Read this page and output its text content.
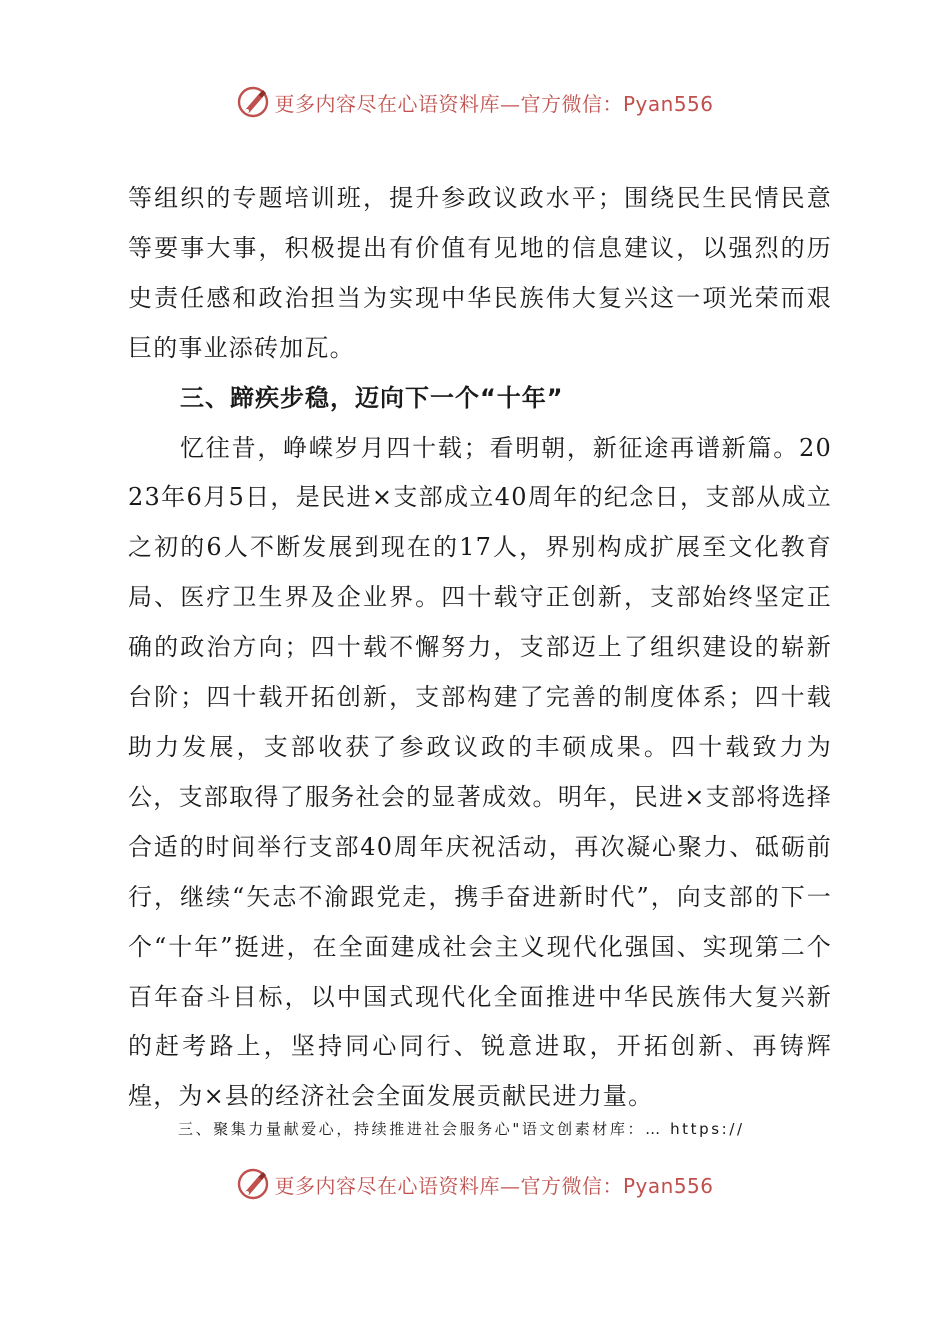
更多内容尽在心语资料库—官方微信：Pyan556

等组织的专题培训班，提升参政议政水平；围绕民生民情民意等要事大事，积极提出有价值有见地的信息建议，以强烈的历史责任感和政治担当为实现中华民族伟大复兴这一项光荣而艰巨的事业添砖加瓦。

三、蹄疾步稳，迈向下一个“十年”

忆往昔，峥嵘岁月四十载；看明朝，新征途再谱新篇。2023年6月5日，是民进×支部成立40周年的纪念日，支部从成立之初的6人不断发展到现在的17人，界别构成扩展至文化教育局、医疗卫生界及企业界。四十载守正创新，支部始终坚定正确的政治方向；四十载不懈努力，支部迈上了组织建设的崭新台阶；四十载开拓创新，支部构建了完善的制度体系；四十载助力发展，支部收获了参政议政的丰硕成果。四十载致力为公，支部取得了服务社会的显著成效。明年，民进×支部将选择合适的时间举行支部40周年庆祝活动，再次凝心聚力、砥砺前行，继续“矢志不渝跟党走，携手奋进新时代”，向支部的下一个“十年”挺进，在全面建成社会主义现代化强国、实现第二个百年奋斗目标，以中国式现代化全面推进中华民族伟大复兴新的赶考路上，坚持同心同行、锐意进取，开拓创新、再铸辉煌，为×县的经济社会全面发展贡献民进力量。

三、聚集力量献爱心，持续推进社会服务心"语文创素材库：… https://
更多内容尽在心语资料库—官方微信：Pyan556
